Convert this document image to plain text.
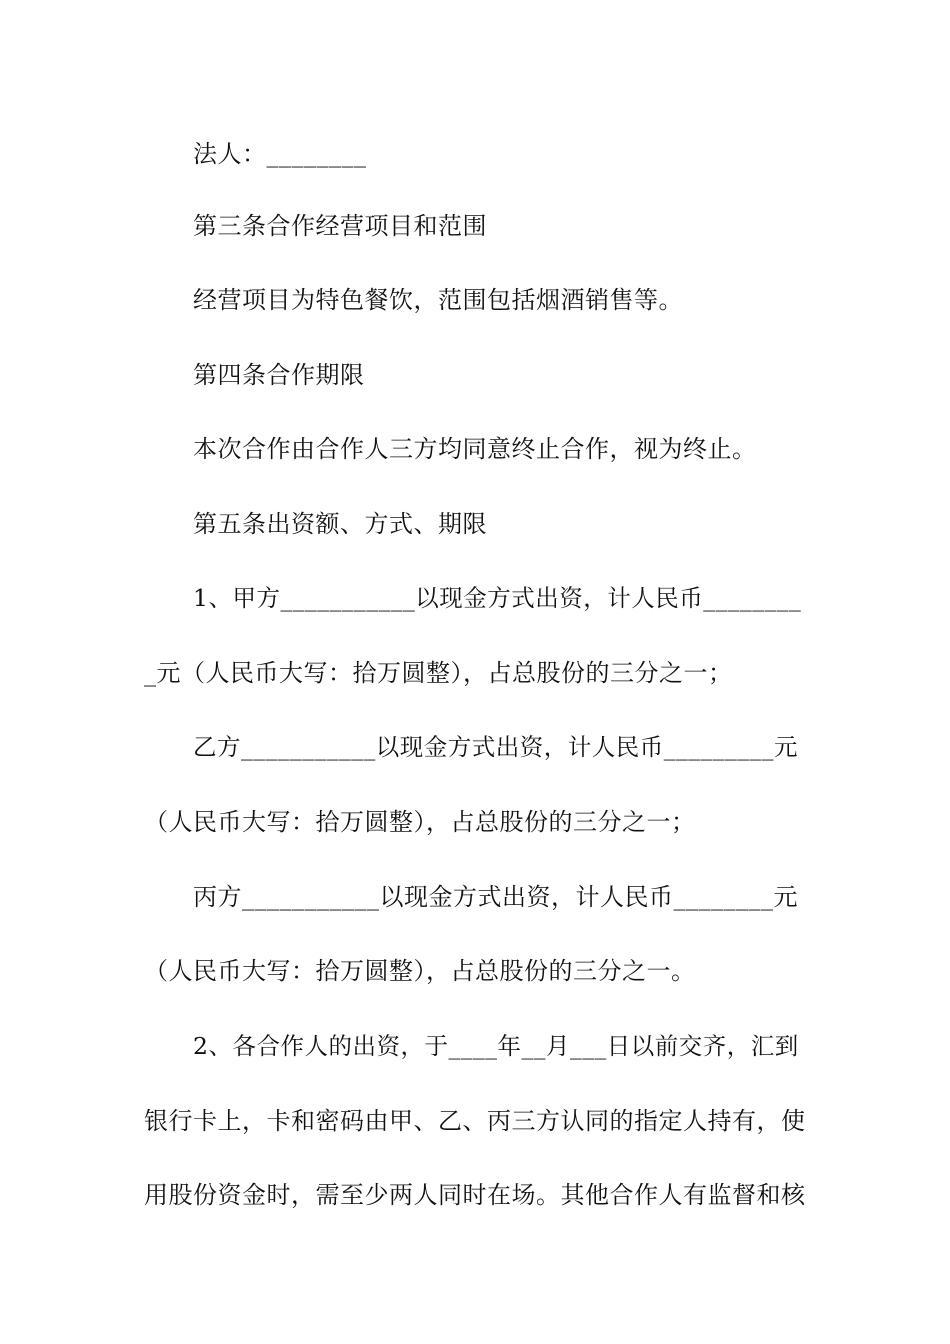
法人：________
第三条合作经营项目和范围
经营项目为特色餐饮，范围包括烟酒销售等。
第四条合作期限
本次合作由合作人三方均同意终止合作，视为终止。
第五条出资额、方式、期限
1、甲方___________以现金方式出资，计人民币________
_元（人民币大写：拾万圆整），占总股份的三分之一；
乙方___________以现金方式出资，计人民币_________元
（人民币大写：拾万圆整），占总股份的三分之一；
丙方___________以现金方式出资，计人民币________元
（人民币大写：拾万圆整），占总股份的三分之一。
2、各合作人的出资，于____年__月___日以前交齐，汇到
银行卡上，卡和密码由甲、乙、丙三方认同的指定人持有，使
用股份资金时，需至少两人同时在场。其他合作人有监督和核
